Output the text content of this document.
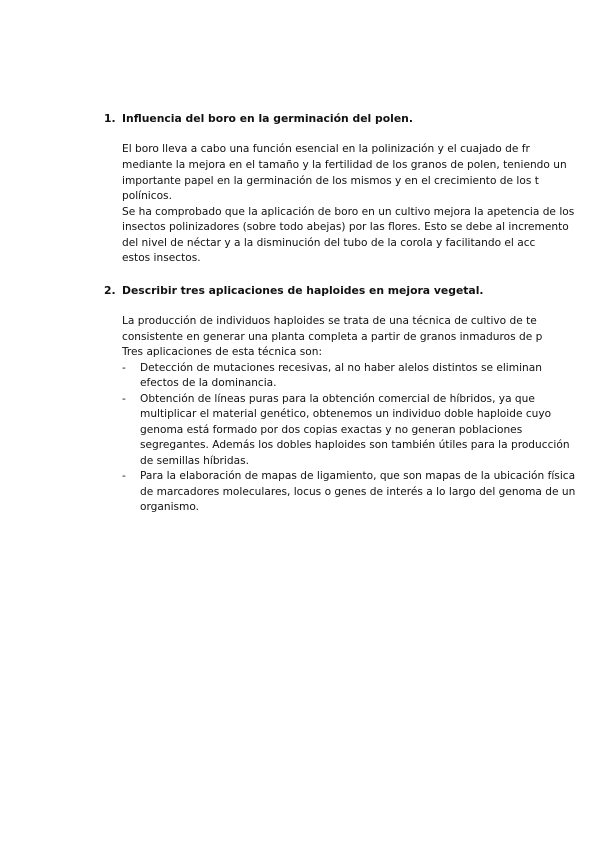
1. Influencia del boro en la germinación del polen.
El boro lleva a cabo una función esencial en la polinización y el cuajado de fr
mediante la mejora en el tamaño y la fertilidad de los granos de polen, teniendo un
importante papel en la germinación de los mismos y en el crecimiento de los t
polínicos.
Se ha comprobado que la aplicación de boro en un cultivo mejora la apetencia de los
insectos polinizadores (sobre todo abejas) por las flores. Esto se debe al incremento
del nivel de néctar y a la disminución del tubo de la corola y facilitando el acc
estos insectos.
2. Describir tres aplicaciones de haploides en mejora vegetal.
La producción de individuos haploides se trata de una técnica de cultivo de te
consistente en generar una planta completa a partir de granos inmaduros de p
Tres aplicaciones de esta técnica son:
- Detección de mutaciones recesivas, al no haber alelos distintos se eliminan
efectos de la dominancia.
- Obtención de líneas puras para la obtención comercial de híbridos, ya que
multiplicar el material genético, obtenemos un individuo doble haploide cuyo
genoma está formado por dos copias exactas y no generan poblaciones
segregantes. Además los dobles haploides son también útiles para la producción
de semillas híbridas.
- Para la elaboración de mapas de ligamiento, que son mapas de la ubicación física
de marcadores moleculares, locus o genes de interés a lo largo del genoma de un
organismo.
